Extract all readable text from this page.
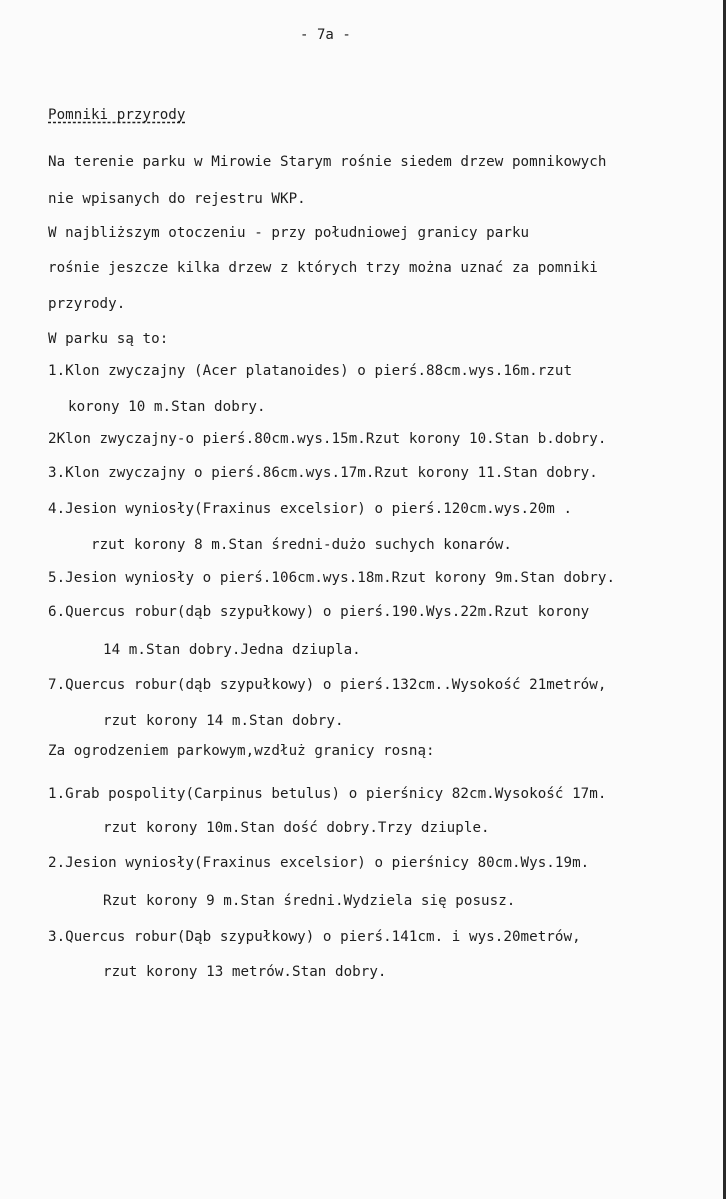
- 7a -
Pomniki przyrody
Na terenie parku w Mirowie Starym rośnie siedem drzew pomnikowych
nie wpisanych do rejestru WKP.
W najbliższym otoczeniu - przy południowej granicy parku
rośnie jeszcze kilka drzew z których trzy można uznać za pomniki
przyrody.
W parku są to:
1.Klon zwyczajny (Acer platanoides) o pierś.88cm.wys.16m.rzut
korony 10 m.Stan dobry.
2Klon zwyczajny-o pierś.80cm.wys.15m.Rzut korony 10.Stan b.dobry.
3.Klon zwyczajny o pierś.86cm.wys.17m.Rzut korony 11.Stan dobry.
4.Jesion wyniosły(Fraxinus excelsior) o pierś.120cm.wys.20m .
rzut korony 8 m.Stan średni-dużo suchych konarów.
5.Jesion wyniosły o pierś.106cm.wys.18m.Rzut korony 9m.Stan dobry.
6.Quercus robur(dąb szypułkowy) o pierś.190.Wys.22m.Rzut korony
14 m.Stan dobry.Jedna dziupla.
7.Quercus robur(dąb szypułkowy) o pierś.132cm..Wysokość 21metrów,
rzut korony 14 m.Stan dobry.
Za ogrodzeniem parkowym,wzdłuż granicy rosną:
1.Grab pospolity(Carpinus betulus) o pierśnicy 82cm.Wysokość 17m.
rzut korony 10m.Stan dość dobry.Trzy dziuple.
2.Jesion wyniosły(Fraxinus excelsior) o pierśnicy 80cm.Wys.19m.
Rzut korony 9 m.Stan średni.Wydziela się posusz.
3.Quercus robur(Dąb szypułkowy) o pierś.141cm. i wys.20metrów,
rzut korony 13 metrów.Stan dobry.
